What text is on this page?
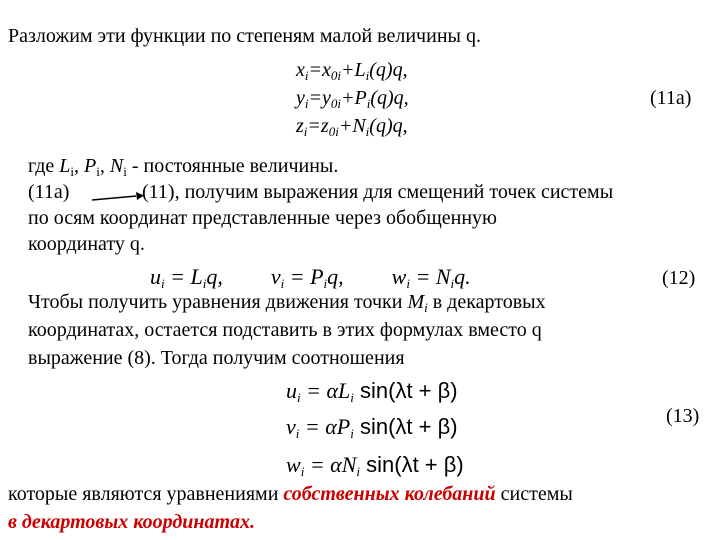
Разложим эти функции по степеням малой величины q.
$x_i=x_{0i}+L_i(q)q$,
$y_i=y_{0i}+P_i(q)q$,
$z_i=z_{0i}+N_i(q)q$,
(11а)
где $L_i$, $P_i$, $N_i$ - постоянные величины.
(11а)	(11), получим выражения для смещений точек системы
по осям координат представленные через обобщенную
координату q.
$u_i = L_iq$, $v_i = P_iq$, $w_i = N_iq$.	(12)
Чтобы получить уравнения движения точки $M_i$ в декартовых
координатах, остается подставить в этих формулах вместо q
выражение (8). Тогда получим соотношения
$u_i = \alpha L_i$ sin(λt + β)
$v_i = \alpha P_i$ sin(λt + β)
$w_i = \alpha N_i$ sin(λt + β)
(13)
которые являются уравнениями собственных колебаний системы
в декартовых координатах.
